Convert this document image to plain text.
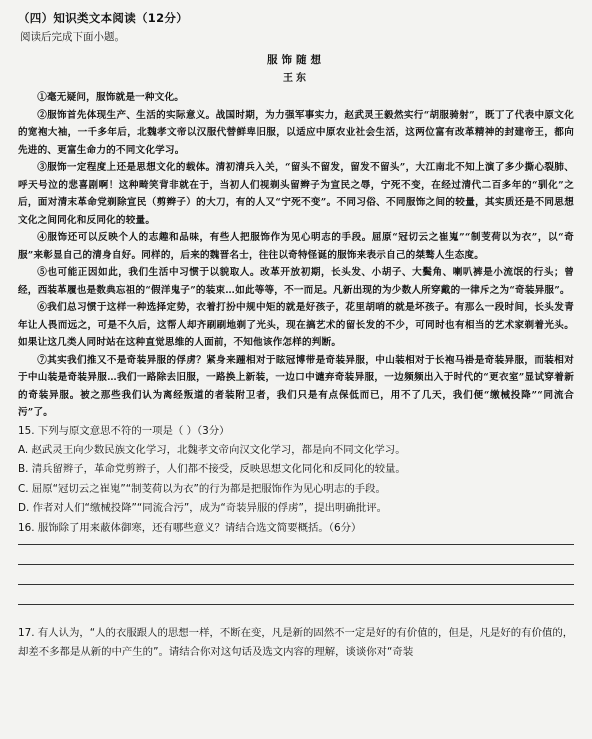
（四）知识类文本阅读（12分）
阅读后完成下面小题。
服饰随想
王东

①毫无疑问，服饰就是一种文化。

②服饰首先体现生产、生活的实际意义。战国时期，为力强军事实力，赵武灵王毅然实行“胡服骑射”，既丁了代表中原文化的宽袍大袖，一千多年后，北魏孝文帝以汉服代替鲜卑旧服，以适应中原农业社会生活，这两位富有改革精神的封建帝王，都向先进的、更富生命力的不同文化学习。

③服饰一定程度上还是思想文化的载体。清初清兵入关，“留头不留发，留发不留头”，大江南北不知上演了多少撕心裂肺、呼天号泣的悲喜剧啊！这种畸笑背非就在于，当初人们视剃头留辫子为宣民之辱，宁死不变，在经过清代二百多年的“驯化”之后，面对清末革命党剃除宣民（剪辫子）的大刀，有的人又“宁死不变”。不同习俗、不同服饰之间的较量，其实质还是不同思想文化之间同化和反同化的较量。

④服饰还可以反映个人的志趣和品味，有些人把服饰作为见心明志的手段。屈原“冠切云之崔嵬”“制芰荷以为衣”，以“奇服”来彰显自己的清身自好。同样的，后来的魏晋名士，往往以奇特怪诞的服饰来表示自己的桀骜人生态度。

⑤也可能正因如此，我们生活中习惯于以貌取人。改革开放初期，长头发、小胡子、大鬓角、喇叭裤是小流氓的行头；曾经，西装革履也是数典忘祖的“假洋鬼子”的装束…如此等等，不一而足。凡新出现的为少数人所穿戴的一律斥之为“奇装异服”。

⑥我们总习惯于这样一种选择定势，衣着打扮中规中矩的就是好孩子，花里胡哨的就是坏孩子。有那么一段时间，长头发青年让人畏而远之，可是不久后，这帮人却齐刷刷地剃了光头，现在搞艺术的留长发的不少，可同时也有相当的艺术家剃着光头。如果让这几类人同时站在这种直觉思维的人面前，不知他该作怎样的判断。

⑦其实我们推又不是奇装异服的俘虏？紧身来踵相对于眩冠博带是奇装异服，中山装相对于长袍马褂是奇装异服，而装相对于中山装是奇装异服…我们一路除去旧服，一路换上新装，一边口中谴弃奇装异服，一边频频出入于时代的“更衣室”显试穿着新的奇装异服。被之那些我们认为离经叛道的者装附卫者，我们只是有点保低而已，用不了几天，我们便“缴械投降”“同流合污”了。

15. 下列与原文意思不符的一项是（ ）（3分）
A. 赵武灵王向少数民族文化学习，北魏孝文帝向汉文化学习，都是向不同文化学习。
B. 清兵留辫子，革命党剪辫子，人们都不接受，反映思想文化同化和反同化的较量。
C. 屈原“冠切云之崔嵬”“制芰荷以为衣”的行为都是把服饰作为见心明志的手段。
D. 作者对人们“缴械投降”“同流合污”，成为“奇装异服的俘虏”，提出明确批评。
16. 服饰除了用来蔽体御寒，还有哪些意义？请结合选文简要概括。（6分）
17. 有人认为，“人的衣服跟人的思想一样，不断在变，凡是新的固然不一定是好的有价值的，但是，凡是好的有价值的，却差不多都是从新的中产生的”。请结合你对这句话及选文内容的理解，谈谈你对“奇装
